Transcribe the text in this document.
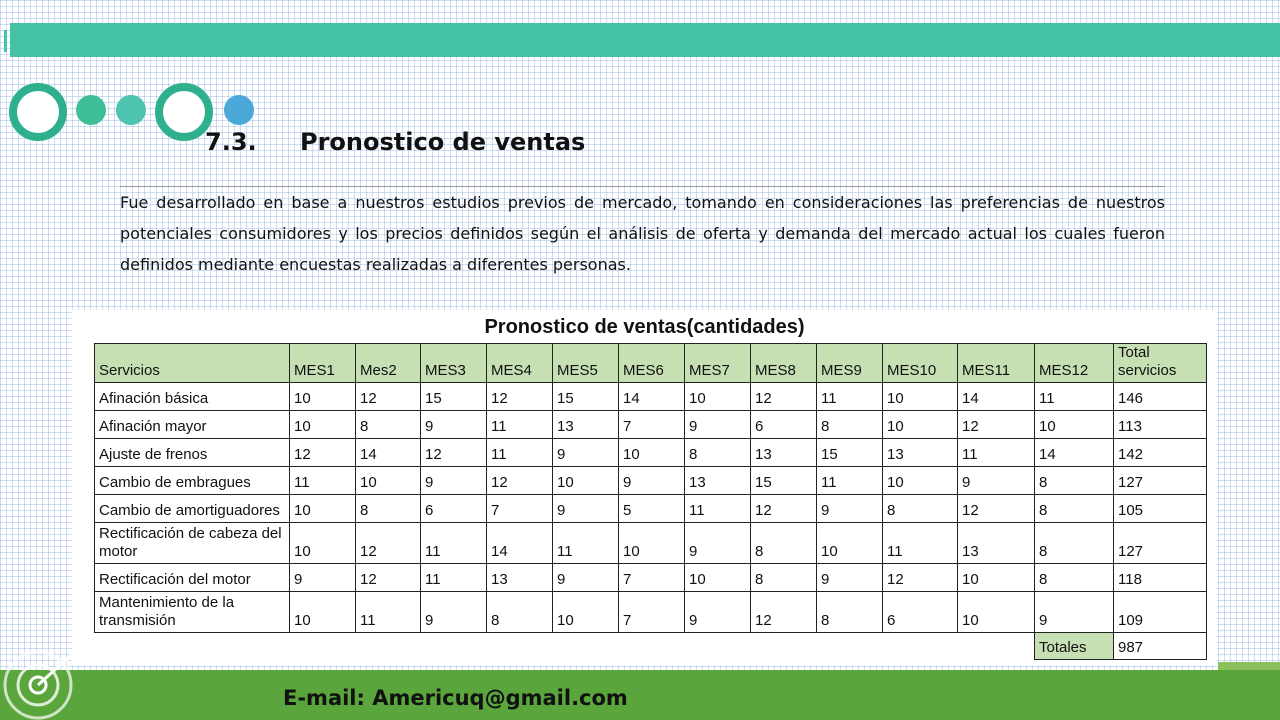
7.3. Pronostico de ventas
Fue desarrollado en base a nuestros estudios previos de mercado, tomando en consideraciones las preferencias de nuestros potenciales consumidores y los precios definidos según el análisis de oferta y demanda del mercado actual los cuales fueron definidos mediante encuestas realizadas a diferentes personas.
Pronostico de ventas(cantidades)
Servicios	MES1	Mes2	MES3	MES4	MES5	MES6	MES7	MES8	MES9	MES10	MES11	MES12	Total servicios
Afinación básica	10	12	15	12	15	14	10	12	11	10	14	11	146
Afinación mayor	10	8	9	11	13	7	9	6	8	10	12	10	113
Ajuste de frenos	12	14	12	11	9	10	8	13	15	13	11	14	142
Cambio de embragues	11	10	9	12	10	9	13	15	11	10	9	8	127
Cambio de amortiguadores	10	8	6	7	9	5	11	12	9	8	12	8	105
Rectificación de cabeza del motor	10	12	11	14	11	10	9	8	10	11	13	8	127
Rectificación del motor	9	12	11	13	9	7	10	8	9	12	10	8	118
Mantenimiento de la transmisión	10	11	9	8	10	7	9	12	8	6	10	9	109
												Totales	987
E-mail: Americuq@gmail.com
